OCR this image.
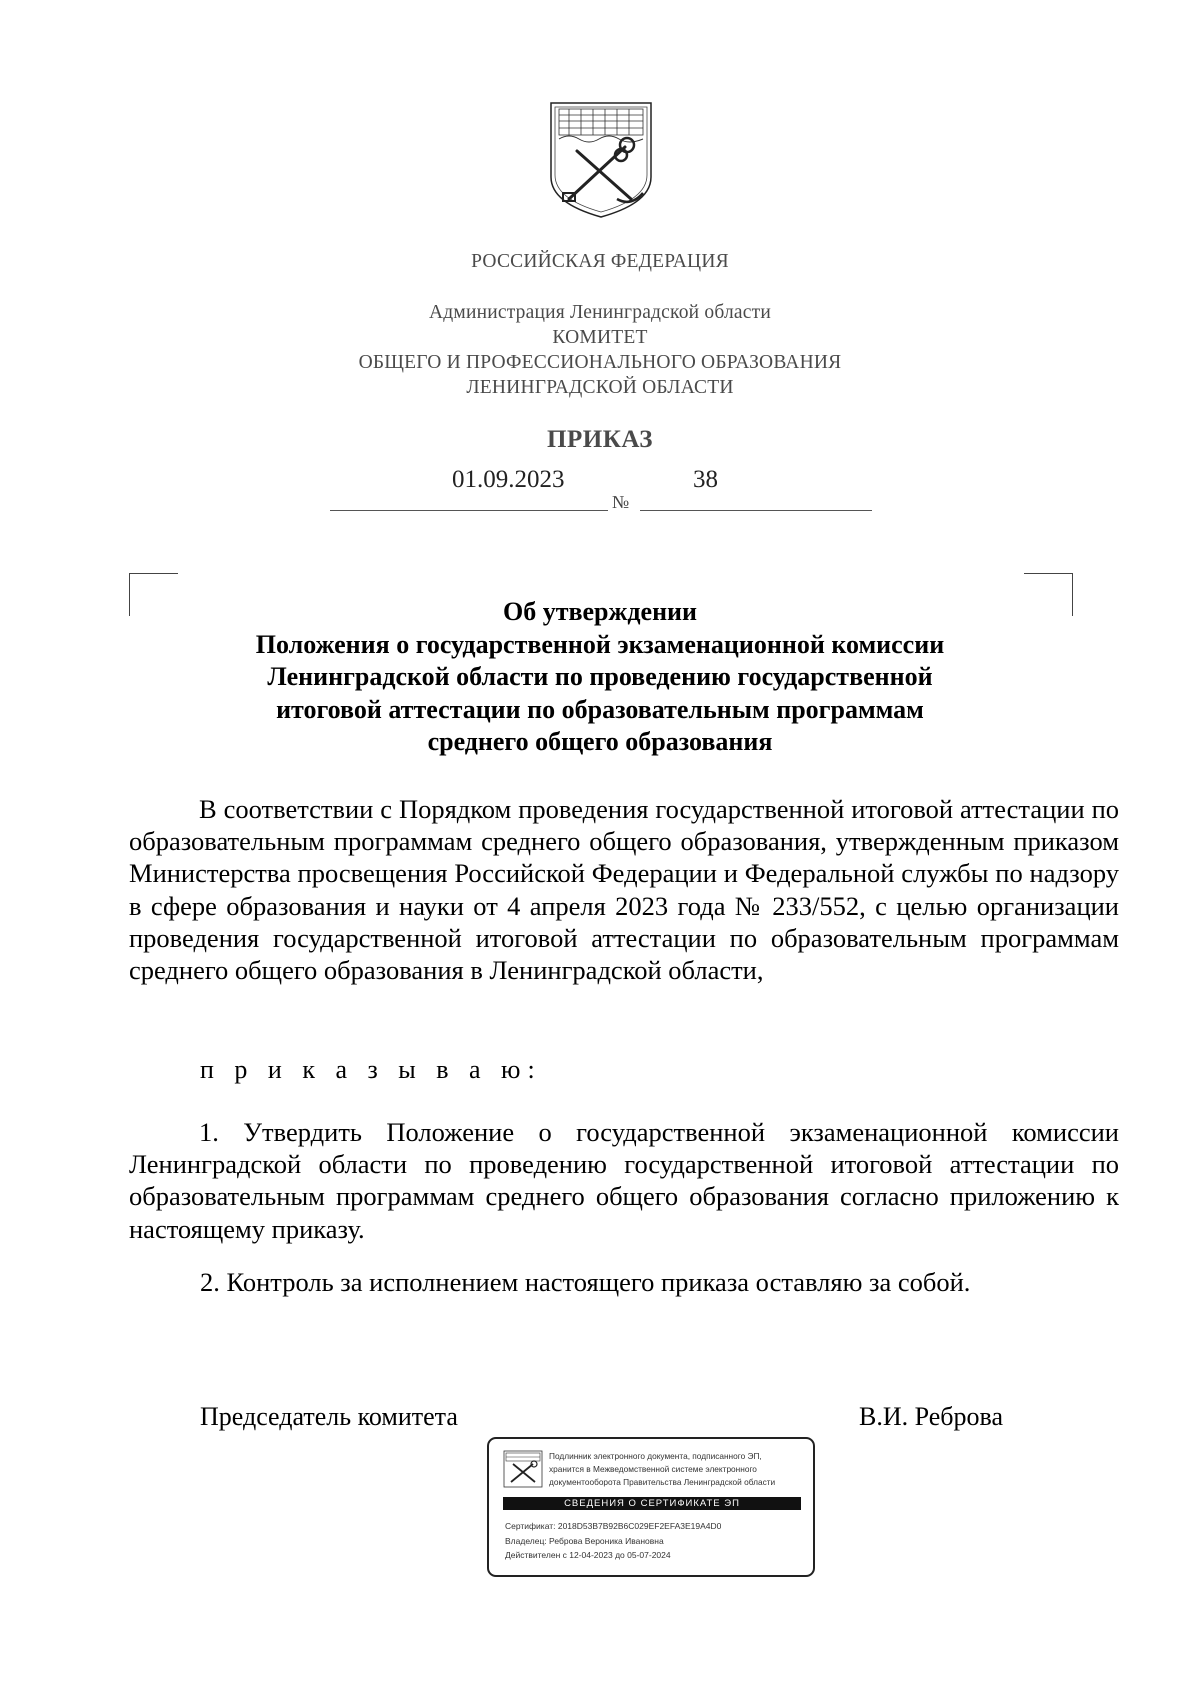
РОССИЙСКАЯ ФЕДЕРАЦИЯ
Администрация Ленинградской области
КОМИТЕТ
ОБЩЕГО И ПРОФЕССИОНАЛЬНОГО ОБРАЗОВАНИЯ
ЛЕНИНГРАДСКОЙ ОБЛАСТИ
ПРИКАЗ
01.09.2023	38
№
Об утверждении
Положения о государственной экзаменационной комиссии
Ленинградской области по проведению государственной
итоговой аттестации по образовательным программам
среднего общего образования

В соответствии с Порядком проведения государственной итоговой аттестации по образовательным программам среднего общего образования, утвержденным приказом Министерства просвещения Российской Федерации и Федеральной службы по надзору в сфере образования и науки от 4 апреля 2023 года № 233/552, с целью организации проведения государственной итоговой аттестации по образовательным программам среднего общего образования в Ленинградской области,

п р и к а з ы в а ю:

1. Утвердить Положение о государственной экзаменационной комиссии Ленинградской области по проведению государственной итоговой аттестации по образовательным программам среднего общего образования согласно приложению к настоящему приказу.

2. Контроль за исполнением настоящего приказа оставляю за собой.
Председатель комитета	В.И. Реброва
Подлинник электронного документа, подписанного ЭП,
хранится в Межведомственной системе электронного
документооборота Правительства Ленинградской области
СВЕДЕНИЯ О СЕРТИФИКАТЕ ЭП
Сертификат: 2018D53B7B92B6C029EF2EFA3E19A4D0
Владелец: Реброва Вероника Ивановна
Действителен с 12-04-2023 до 05-07-2024
